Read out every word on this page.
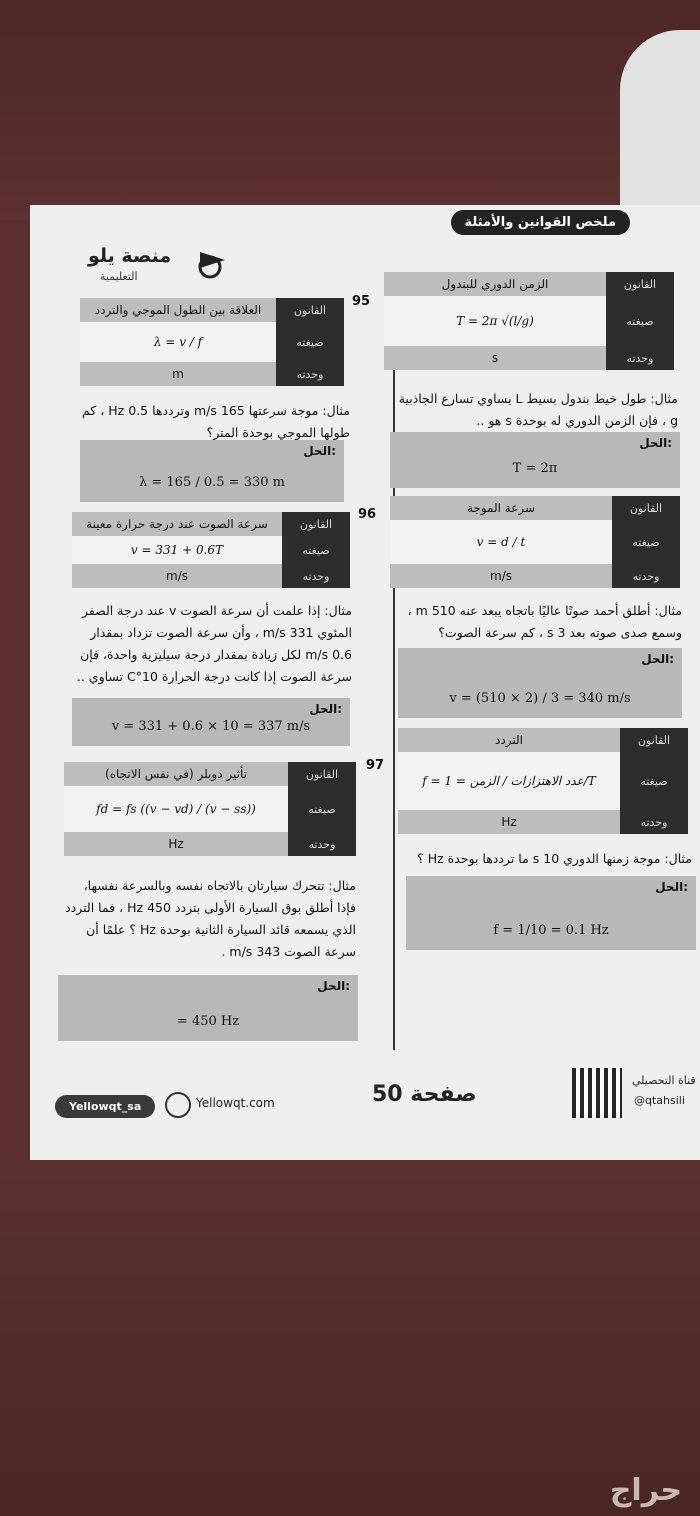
ملخص القوانين والأمثلة
منصة يلو
التعليمية
95
العلاقة بين الطول الموجي والتردد	القانون
λ = v / f	صيغته
m	وحدته
مثال: موجة سرعتها 165 m/s وترددها 0.5 Hz ، كم طولها الموجي بوحدة المتر؟
الحل:
λ = 165 / 0.5 = 330 m
96
سرعة الصوت عند درجة حرارة معينة	القانون
v = 331 + 0.6T	صيغته
m/s	وحدته
مثال: إذا علمت أن سرعة الصوت v عند درجة الصفر المئوي 331 m/s ، وأن سرعة الصوت تزداد بمقدار 0.6 m/s لكل زيادة بمقدار درجة سيليزية واحدة، فإن سرعة الصوت إذا كانت درجة الحرارة 10°C تساوي ..
الحل:
v = 331 + 0.6 × 10 = 337 m/s
97
تأثير دوبلر (في نفس الاتجاه)	القانون
fd = fs ((v − vd) / (v − ss))	صيغته
Hz	وحدته
مثال: تتحرك سيارتان بالاتجاه نفسه وبالسرعة نفسها، فإذا أطلق بوق السيارة الأولى بتردد 450 Hz ، فما التردد الذي يسمعه قائد السيارة الثانية بوحدة Hz ؟ علمًا أن سرعة الصوت 343 m/s .
الحل:
= 450 Hz
الزمن الدوري للبندول	القانون
T = 2π √(l/g)	صيغته
s	وحدته
مثال: طول خيط بندول بسيط L يساوي تسارع الجاذبية g ، فإن الزمن الدوري له بوحدة s هو ..
الحل:
T = 2π
سرعة الموجة	القانون
v = d / t	صيغته
m/s	وحدته
مثال: أطلق أحمد صوتًا عاليًا باتجاه يبعد عنه 510 m ، وسمع صدى صوته بعد 3 s ، كم سرعة الصوت؟
الحل:
v = (510 × 2) / 3 = 340 m/s
التردد	القانون
f = عدد الاهتزازات / الزمن = 1/T	صيغته
Hz	وحدته
مثال: موجة زمنها الدوري 10 s ما ترددها بوحدة Hz ؟
الحل:
f = 1/10 = 0.1 Hz
Yellowqt_sa	Yellowqt.com	صفحة 50
قناة التحصيلي
@qtahsili
حراج
